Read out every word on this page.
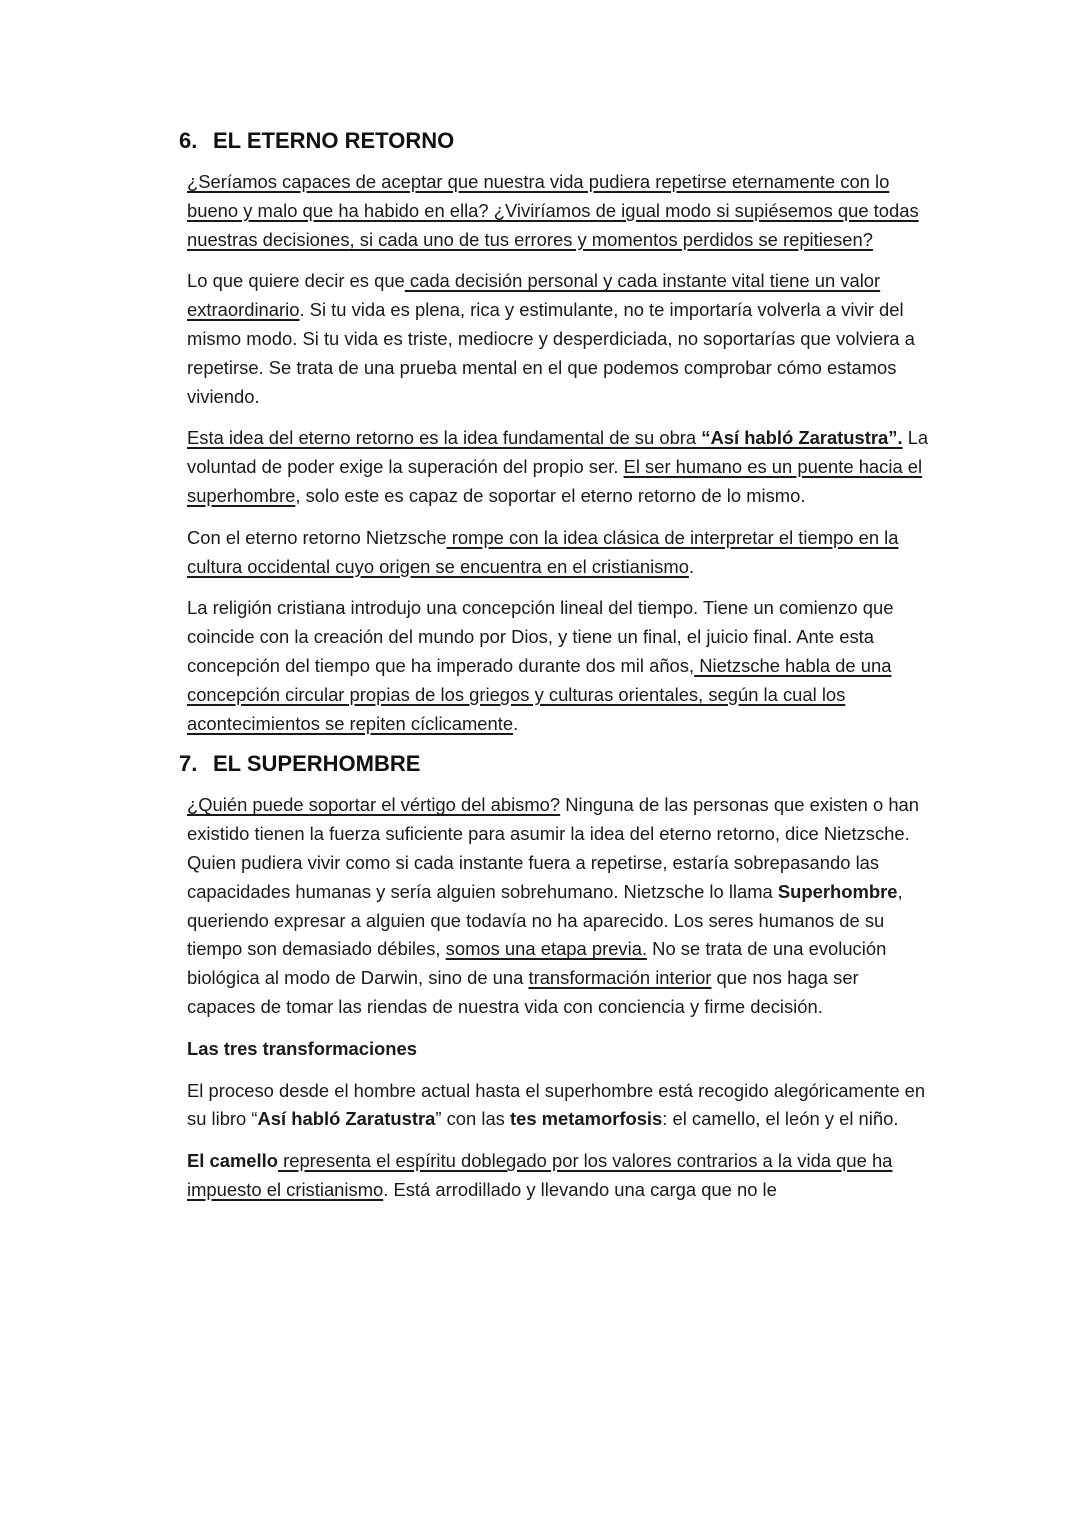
6. EL ETERNO RETORNO

¿Seríamos capaces de aceptar que nuestra vida pudiera repetirse eternamente con lo bueno y malo que ha habido en ella? ¿Viviríamos de igual modo si supiésemos que todas nuestras decisiones, si cada uno de tus errores y momentos perdidos se repitiesen?

Lo que quiere decir es que cada decisión personal y cada instante vital tiene un valor extraordinario. Si tu vida es plena, rica y estimulante, no te importaría volverla a vivir del mismo modo. Si tu vida es triste, mediocre y desperdiciada, no soportarías que volviera a repetirse. Se trata de una prueba mental en el que podemos comprobar cómo estamos viviendo.

Esta idea del eterno retorno es la idea fundamental de su obra “Así habló Zaratustra”. La voluntad de poder exige la superación del propio ser. El ser humano es un puente hacia el superhombre, solo este es capaz de soportar el eterno retorno de lo mismo.

Con el eterno retorno Nietzsche rompe con la idea clásica de interpretar el tiempo en la cultura occidental cuyo origen se encuentra en el cristianismo.

La religión cristiana introdujo una concepción lineal del tiempo. Tiene un comienzo que coincide con la creación del mundo por Dios, y tiene un final, el juicio final. Ante esta concepción del tiempo que ha imperado durante dos mil años, Nietzsche habla de una concepción circular propias de los griegos y culturas orientales, según la cual los acontecimientos se repiten cíclicamente.

7. EL SUPERHOMBRE

¿Quién puede soportar el vértigo del abismo? Ninguna de las personas que existen o han existido tienen la fuerza suficiente para asumir la idea del eterno retorno, dice Nietzsche. Quien pudiera vivir como si cada instante fuera a repetirse, estaría sobrepasando las capacidades humanas y sería alguien sobrehumano. Nietzsche lo llama Superhombre, queriendo expresar a alguien que todavía no ha aparecido. Los seres humanos de su tiempo son demasiado débiles, somos una etapa previa. No se trata de una evolución biológica al modo de Darwin, sino de una transformación interior que nos haga ser capaces de tomar las riendas de nuestra vida con conciencia y firme decisión.

Las tres transformaciones

El proceso desde el hombre actual hasta el superhombre está recogido alegóricamente en su libro “Así habló Zaratustra” con las tes metamorfosis: el camello, el león y el niño.

El camello representa el espíritu doblegado por los valores contrarios a la vida que ha impuesto el cristianismo. Está arrodillado y llevando una carga que no le
